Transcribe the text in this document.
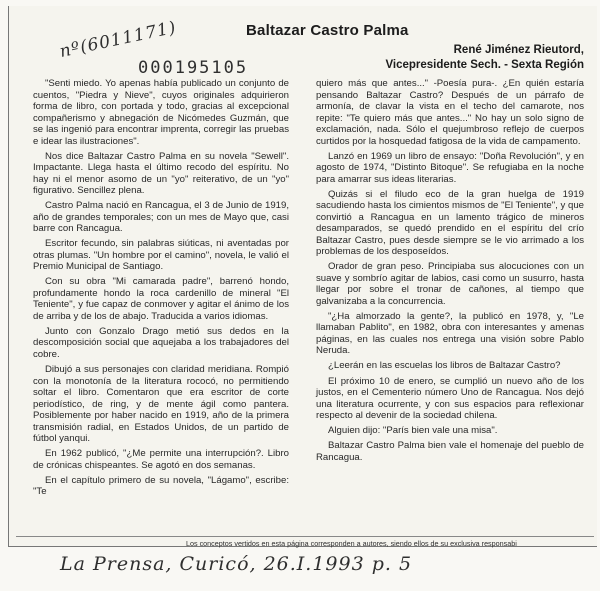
Baltazar Castro Palma
René Jiménez Rieutord,
Vicepresidente Sech. - Sexta Región
nº(6011171)
000195105

"Senti miedo. Yo apenas había publicado un conjunto de cuentos, "Piedra y Nieve", cuyos originales adquirieron forma de libro, con portada y todo, gracias al excepcional compañerismo y abnegación de Nicómedes Guzmán, que se las ingenió para encontrar imprenta, corregir las pruebas e idear las ilustraciones".

Nos dice Baltazar Castro Palma en su novela "Sewell". Impactante. Llega hasta el último recodo del espíritu. No hay ni el menor asomo de un "yo" reiterativo, de un "yo" figurativo. Sencillez plena.

Castro Palma nació en Rancagua, el 3 de Junio de 1919, año de grandes temporales; con un mes de Mayo que, casi barre con Rancagua.

Escritor fecundo, sin palabras siúticas, ni aventadas por otras plumas. "Un hombre por el camino", novela, le valió el Premio Municipal de Santiago.

Con su obra "Mi camarada padre", barrenó hondo, profundamente hondo la roca cardenillo de mineral "El Teniente", y fue capaz de conmover y agitar el ánimo de los de arriba y de los de abajo. Traducida a varios idiomas.

Junto con Gonzalo Drago metió sus dedos en la descomposición social que aquejaba a los trabajadores del cobre.

Dibujó a sus personajes con claridad meridiana. Rompió con la monotonía de la literatura rococó, no permitiendo soltar el libro. Comentaron que era escritor de corte periodístico, de ring, y de mente ágil como pantera. Posiblemente por haber nacido en 1919, año de la primera transmisión radial, en Estados Unidos, de un partido de fútbol yanqui.

En 1962 publicó, "¿Me permite una interrupción?. Libro de crónicas chispeantes. Se agotó en dos semanas.

En el capítulo primero de su novela, "Lágamo", escribe: "Te

quiero más que antes..." -Poesía pura-. ¿En quién estaría pensando Baltazar Castro? Después de un párrafo de armonía, de clavar la vista en el techo del camarote, nos repite: "Te quiero más que antes..." No hay un solo signo de exclamación, nada. Sólo el quejumbroso reflejo de cuerpos curtidos por la hosquedad fatigosa de la vida de campamento.

Lanzó en 1969 un libro de ensayo: "Doña Revolución", y en agosto de 1974, "Distinto Bitoque". Se refugiaba en la noche para amarrar sus ideas literarias.

Quizás si el filudo eco de la gran huelga de 1919 sacudiendo hasta los cimientos mismos de "El Teniente", y que convirtió a Rancagua en un lamento trágico de mineros desamparados, se quedó prendido en el espíritu del crío Baltazar Castro, pues desde siempre se le vio arrimado a los problemas de los desposeídos.

Orador de gran peso. Principiaba sus alocuciones con un suave y sombrío agitar de labios, casi como un susurro, hasta llegar por sobre el tronar de cañones, al tiempo que galvanizaba a la concurrencia.

"¿Ha almorzado la gente?, la publicó en 1978, y, "Le llamaban Pablito", en 1982, obra con interesantes y amenas páginas, en las cuales nos entrega una visión sobre Pablo Neruda.

¿Leerán en las escuelas los libros de Baltazar Castro?

El próximo 10 de enero, se cumplió un nuevo año de los justos, en el Cementerio número Uno de Rancagua. Nos dejó una literatura ocurrente, y con sus espacios para reflexionar respecto al devenir de la sociedad chilena.

Alguien dijo: "París bien vale una misa".

Baltazar Castro Palma bien vale el homenaje del pueblo de Rancagua.

Los conceptos vertidos en esta página corresponden a autores, siendo ellos de su exclusiva responsabi
La Prensa, Curicó, 26.I.1993 p. 5
